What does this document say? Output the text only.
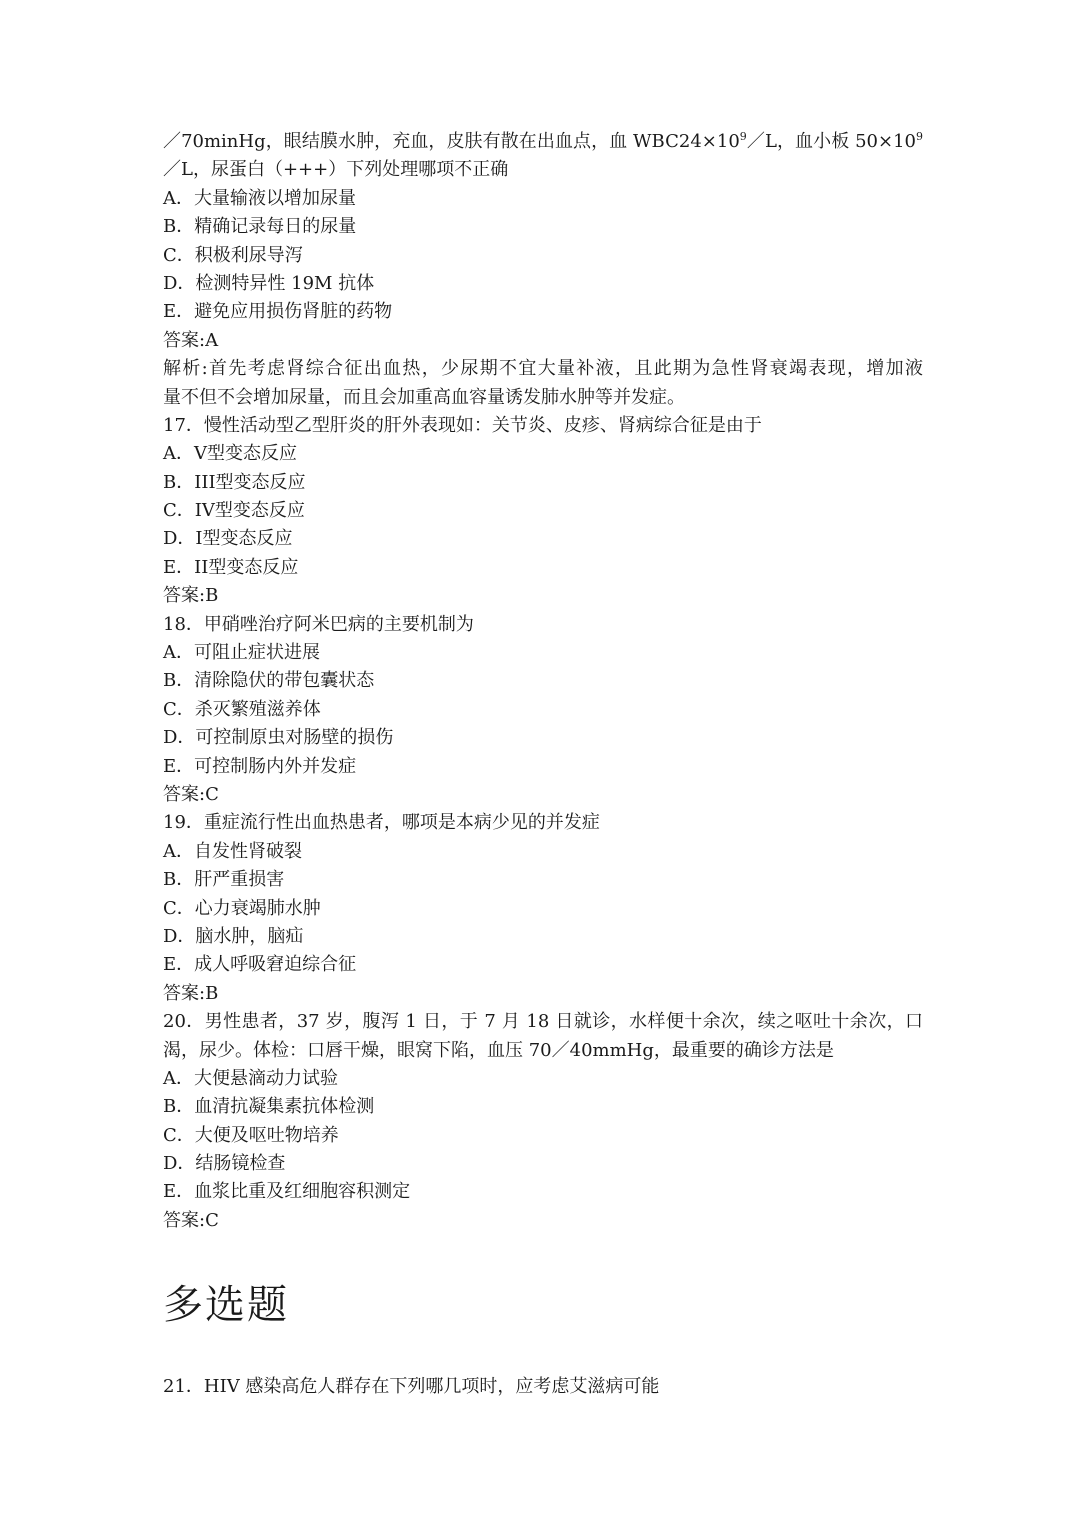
／70minHg，眼结膜水肿，充血，皮肤有散在出血点，血 $WBC24\times 10^9/L$，血小板 $50\times 10^9$
／L，尿蛋白（+++）下列处理哪项不正确
A．大量输液以增加尿量
B．精确记录每日的尿量
C．积极利尿导泻
D．检测特异性 19M 抗体
E．避免应用损伤肾脏的药物
答案:A
解析:首先考虑肾综合征出血热，少尿期不宜大量补液，且此期为急性肾衰竭表现，增加液
量不但不会增加尿量，而且会加重高血容量诱发肺水肿等并发症。
17．慢性活动型乙型肝炎的肝外表现如：关节炎、皮疹、肾病综合征是由于
A．V型变态反应
B．III型变态反应
C．IV型变态反应
D．I型变态反应
E．II型变态反应
答案:B
18．甲硝唑治疗阿米巴病的主要机制为
A．可阻止症状进展
B．清除隐伏的带包囊状态
C．杀灭繁殖滋养体
D．可控制原虫对肠壁的损伤
E．可控制肠内外并发症
答案:C
19．重症流行性出血热患者，哪项是本病少见的并发症
A．自发性肾破裂
B．肝严重损害
C．心力衰竭肺水肿
D．脑水肿，脑疝
E．成人呼吸窘迫综合征
答案:B
20．男性患者，37 岁，腹泻 1 日，于 7 月 18 日就诊，水样便十余次，续之呕吐十余次，口
渴，尿少。体检：口唇干燥，眼窝下陷，血压 70／40mmHg，最重要的确诊方法是
A．大便悬滴动力试验
B．血清抗凝集素抗体检测
C．大便及呕吐物培养
D．结肠镜检查
E．血浆比重及红细胞容积测定
答案:C
多选题
21．HIV 感染高危人群存在下列哪几项时，应考虑艾滋病可能
